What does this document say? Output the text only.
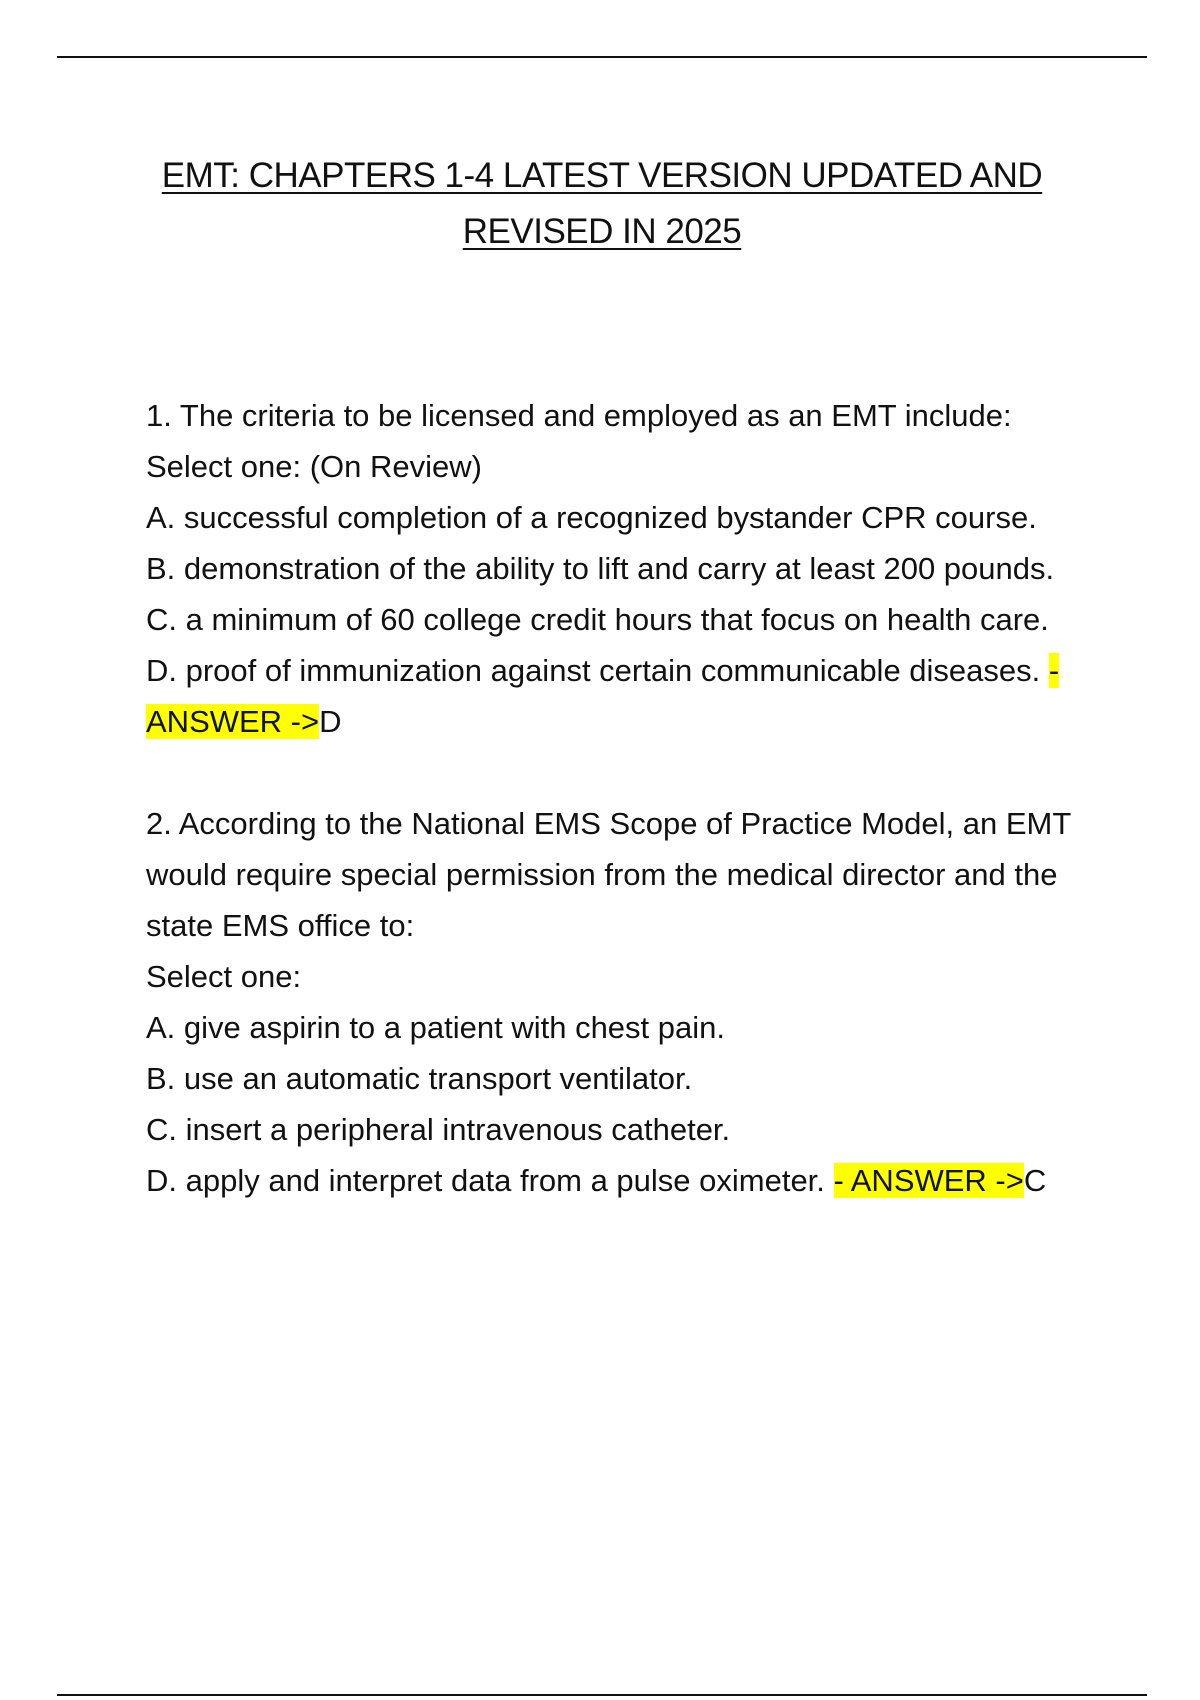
EMT: CHAPTERS 1-4 LATEST VERSION UPDATED AND
REVISED IN 2025
1. The criteria to be licensed and employed as an EMT include:
Select one: (On Review)
A. successful completion of a recognized bystander CPR course.
B. demonstration of the ability to lift and carry at least 200 pounds.
C. a minimum of 60 college credit hours that focus on health care.
D. proof of immunization against certain communicable diseases. - ANSWER ->D
2. According to the National EMS Scope of Practice Model, an EMT would require special permission from the medical director and the state EMS office to:
Select one:
A. give aspirin to a patient with chest pain.
B. use an automatic transport ventilator.
C. insert a peripheral intravenous catheter.
D. apply and interpret data from a pulse oximeter. - ANSWER ->C
